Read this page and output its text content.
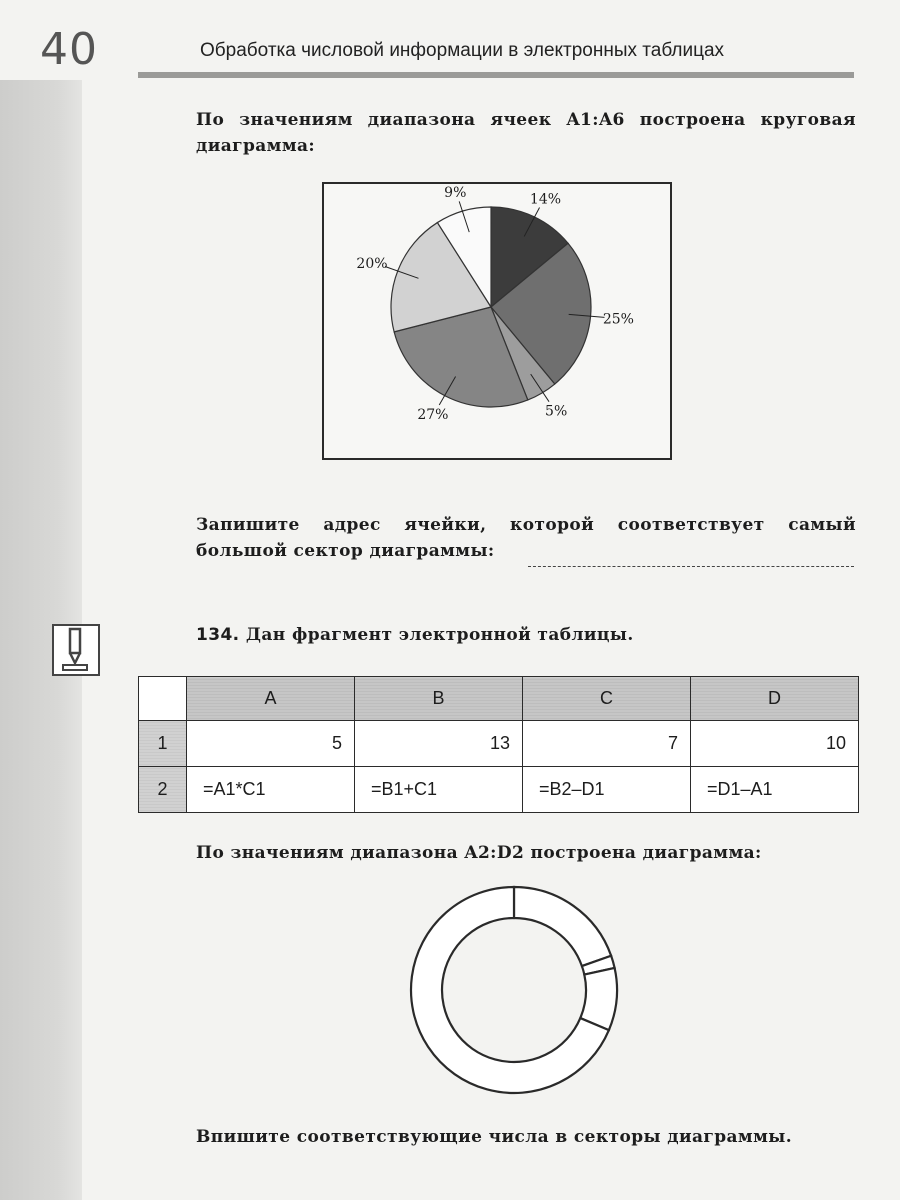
40	Обработка числовой информации в электронных таблицах
По значениям диапазона ячеек A1:A6 построена круговая диаграмма:
14%
25%
5%
27%
20%
9%
Запишите адрес ячейки, которой соответствует самый большой сектор диаграммы:
134. Дан фрагмент электронной таблицы.
	A	B	C	D
1	5	13	7	10
2	=A1*C1	=B1+C1	=B2–D1	=D1–A1
По значениям диапазона A2:D2 построена диаграмма:
Впишите соответствующие числа в секторы диаграммы.
